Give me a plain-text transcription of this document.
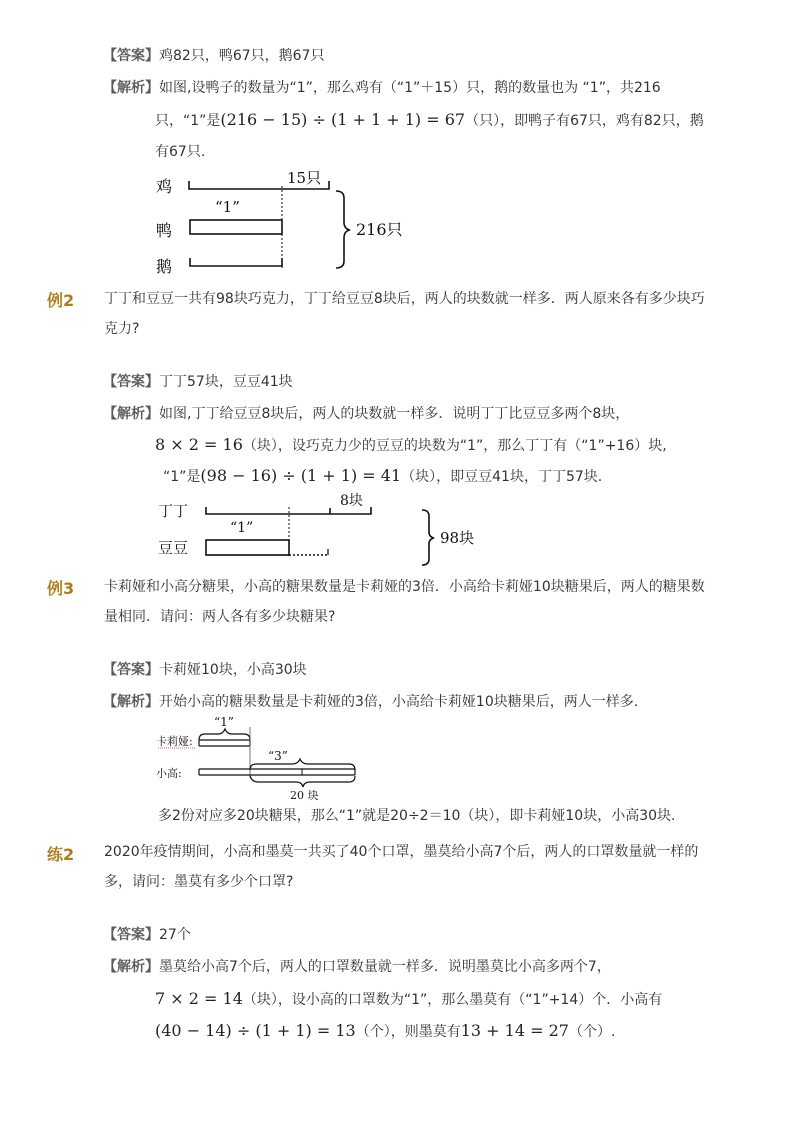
【答案】鸡82只，鸭67只，鹅67只
【解析】如图,设鸭子的数量为“1”，那么鸡有（“1”＋15）只，鹅的数量也为 “1”，共216
只，“1”是(216 − 15) ÷ (1 + 1 + 1) = 67（只），即鸭子有67只，鸡有82只，鹅
有67只.
鸡
鸭
鹅
15只
“1”
216只
例2 丁丁和豆豆一共有98块巧克力，丁丁给豆豆8块后，两人的块数就一样多．两人原来各有多少块巧
克力?
【答案】丁丁57块，豆豆41块
【解析】如图,丁丁给豆豆8块后，两人的块数就一样多．说明丁丁比豆豆多两个8块，
8 × 2 = 16（块），设巧克力少的豆豆的块数为“1”，那么丁丁有（“1”+16）块,
“1”是(98 − 16) ÷ (1 + 1) = 41（块），即豆豆41块，丁丁57块.
丁丁
豆豆
8块
“1”
98块
例3 卡莉娅和小高分糖果，小高的糖果数量是卡莉娅的3倍．小高给卡莉娅10块糖果后，两人的糖果数
量相同．请问：两人各有多少块糖果?
【答案】卡莉娅10块，小高30块
【解析】开始小高的糖果数量是卡莉娅的3倍，小高给卡莉娅10块糖果后，两人一样多.
卡莉娅:
小高:
“1”
“3”
20 块
多2份对应多20块糖果，那么“1”就是20÷2＝10（块），即卡莉娅10块，小高30块.
练2 2020年疫情期间，小高和墨莫一共买了40个口罩，墨莫给小高7个后，两人的口罩数量就一样的
多，请问：墨莫有多少个口罩?
【答案】27个
【解析】墨莫给小高7个后，两人的口罩数量就一样多．说明墨莫比小高多两个7，
7 × 2 = 14（块），设小高的口罩数为“1”，那么墨莫有（“1”+14）个．小高有
(40 − 14) ÷ (1 + 1) = 13（个），则墨莫有13 + 14 = 27（个）.
